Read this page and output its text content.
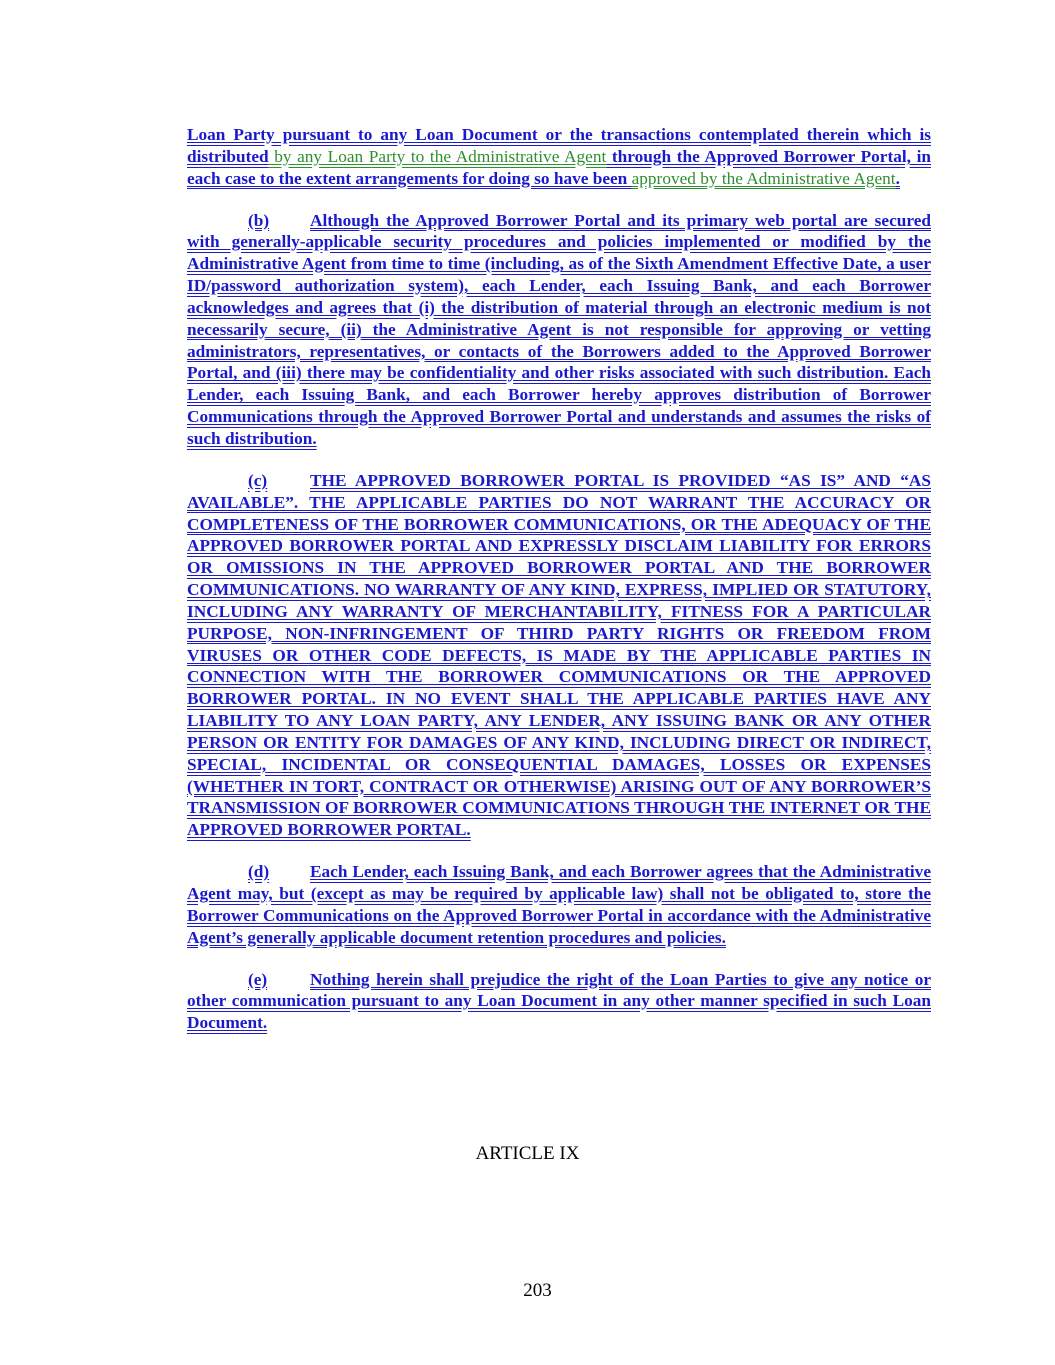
Loan Party pursuant to any Loan Document or the transactions contemplated therein which is distributed by any Loan Party to the Administrative Agent through the Approved Borrower Portal, in each case to the extent arrangements for doing so have been approved by the Administrative Agent.

(b) Although the Approved Borrower Portal and its primary web portal are secured with generally-applicable security procedures and policies implemented or modified by the Administrative Agent from time to time (including, as of the Sixth Amendment Effective Date, a user ID/password authorization system), each Lender, each Issuing Bank, and each Borrower acknowledges and agrees that (i) the distribution of material through an electronic medium is not necessarily secure, (ii) the Administrative Agent is not responsible for approving or vetting administrators, representatives, or contacts of the Borrowers added to the Approved Borrower Portal, and (iii) there may be confidentiality and other risks associated with such distribution. Each Lender, each Issuing Bank, and each Borrower hereby approves distribution of Borrower Communications through the Approved Borrower Portal and understands and assumes the risks of such distribution.

(c) THE APPROVED BORROWER PORTAL IS PROVIDED “AS IS” AND “AS AVAILABLE”. THE APPLICABLE PARTIES DO NOT WARRANT THE ACCURACY OR COMPLETENESS OF THE BORROWER COMMUNICATIONS, OR THE ADEQUACY OF THE APPROVED BORROWER PORTAL AND EXPRESSLY DISCLAIM LIABILITY FOR ERRORS OR OMISSIONS IN THE APPROVED BORROWER PORTAL AND THE BORROWER COMMUNICATIONS. NO WARRANTY OF ANY KIND, EXPRESS, IMPLIED OR STATUTORY, INCLUDING ANY WARRANTY OF MERCHANTABILITY, FITNESS FOR A PARTICULAR PURPOSE, NON-INFRINGEMENT OF THIRD PARTY RIGHTS OR FREEDOM FROM VIRUSES OR OTHER CODE DEFECTS, IS MADE BY THE APPLICABLE PARTIES IN CONNECTION WITH THE BORROWER COMMUNICATIONS OR THE APPROVED BORROWER PORTAL. IN NO EVENT SHALL THE APPLICABLE PARTIES HAVE ANY LIABILITY TO ANY LOAN PARTY, ANY LENDER, ANY ISSUING BANK OR ANY OTHER PERSON OR ENTITY FOR DAMAGES OF ANY KIND, INCLUDING DIRECT OR INDIRECT, SPECIAL, INCIDENTAL OR CONSEQUENTIAL DAMAGES, LOSSES OR EXPENSES (WHETHER IN TORT, CONTRACT OR OTHERWISE) ARISING OUT OF ANY BORROWER’S TRANSMISSION OF BORROWER COMMUNICATIONS THROUGH THE INTERNET OR THE APPROVED BORROWER PORTAL.

(d) Each Lender, each Issuing Bank, and each Borrower agrees that the Administrative Agent may, but (except as may be required by applicable law) shall not be obligated to, store the Borrower Communications on the Approved Borrower Portal in accordance with the Administrative Agent’s generally applicable document retention procedures and policies.

(e) Nothing herein shall prejudice the right of the Loan Parties to give any notice or other communication pursuant to any Loan Document in any other manner specified in such Loan Document.

ARTICLE IX
203
